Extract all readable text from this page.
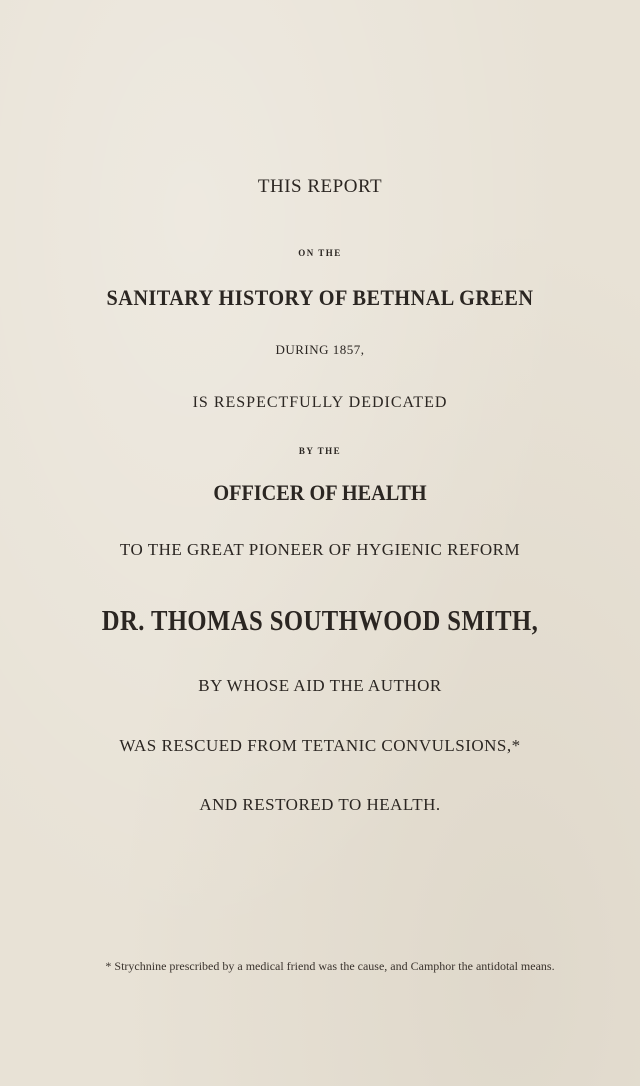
THIS REPORT
ON THE
SANITARY HISTORY OF BETHNAL GREEN
DURING 1857,
IS RESPECTFULLY DEDICATED
BY THE
OFFICER OF HEALTH
TO THE GREAT PIONEER OF HYGIENIC REFORM
DR. THOMAS SOUTHWOOD SMITH,
BY WHOSE AID THE AUTHOR
WAS RESCUED FROM TETANIC CONVULSIONS,*
AND RESTORED TO HEALTH.
* Strychnine prescribed by a medical friend was the cause, and Camphor the antidotal means.
